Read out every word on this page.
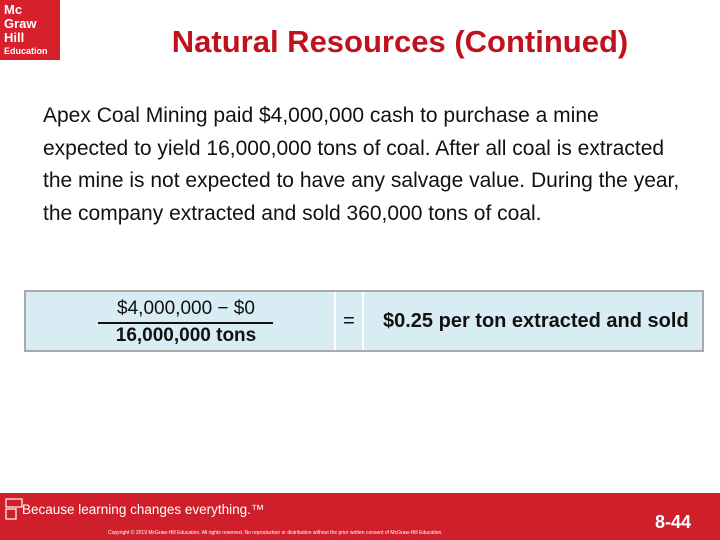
Mc
Graw
Hill
Education	Natural Resources (Continued)

Apex Coal Mining paid $4,000,000 cash to purchase a mine expected to yield 16,000,000 tons of coal. After all coal is extracted the mine is not expected to have any salvage value. During the year, the company extracted and sold 360,000 tons of coal.

$4,000,000 − $0
16,000,000 tons
=	$0.25 per ton extracted and sold
Because learning changes everything.™
Copyright © 2019 McGraw-Hill Education. All rights reserved. No reproduction or distribution without the prior written consent of McGraw-Hill Education.
8-44
